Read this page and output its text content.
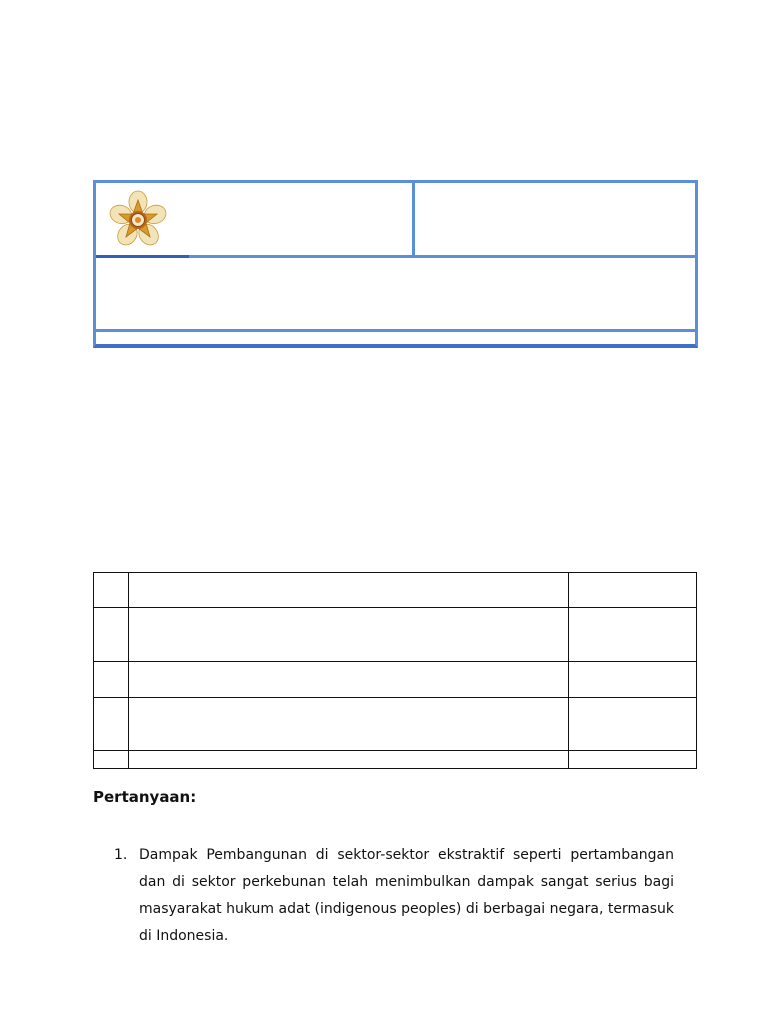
Pertanyaan:
1. Dampak Pembangunan di sektor-sektor ekstraktif seperti pertambangan dan di sektor perkebunan telah menimbulkan dampak sangat serius bagi masyarakat hukum adat (indigenous peoples) di berbagai negara, termasuk di Indonesia.
